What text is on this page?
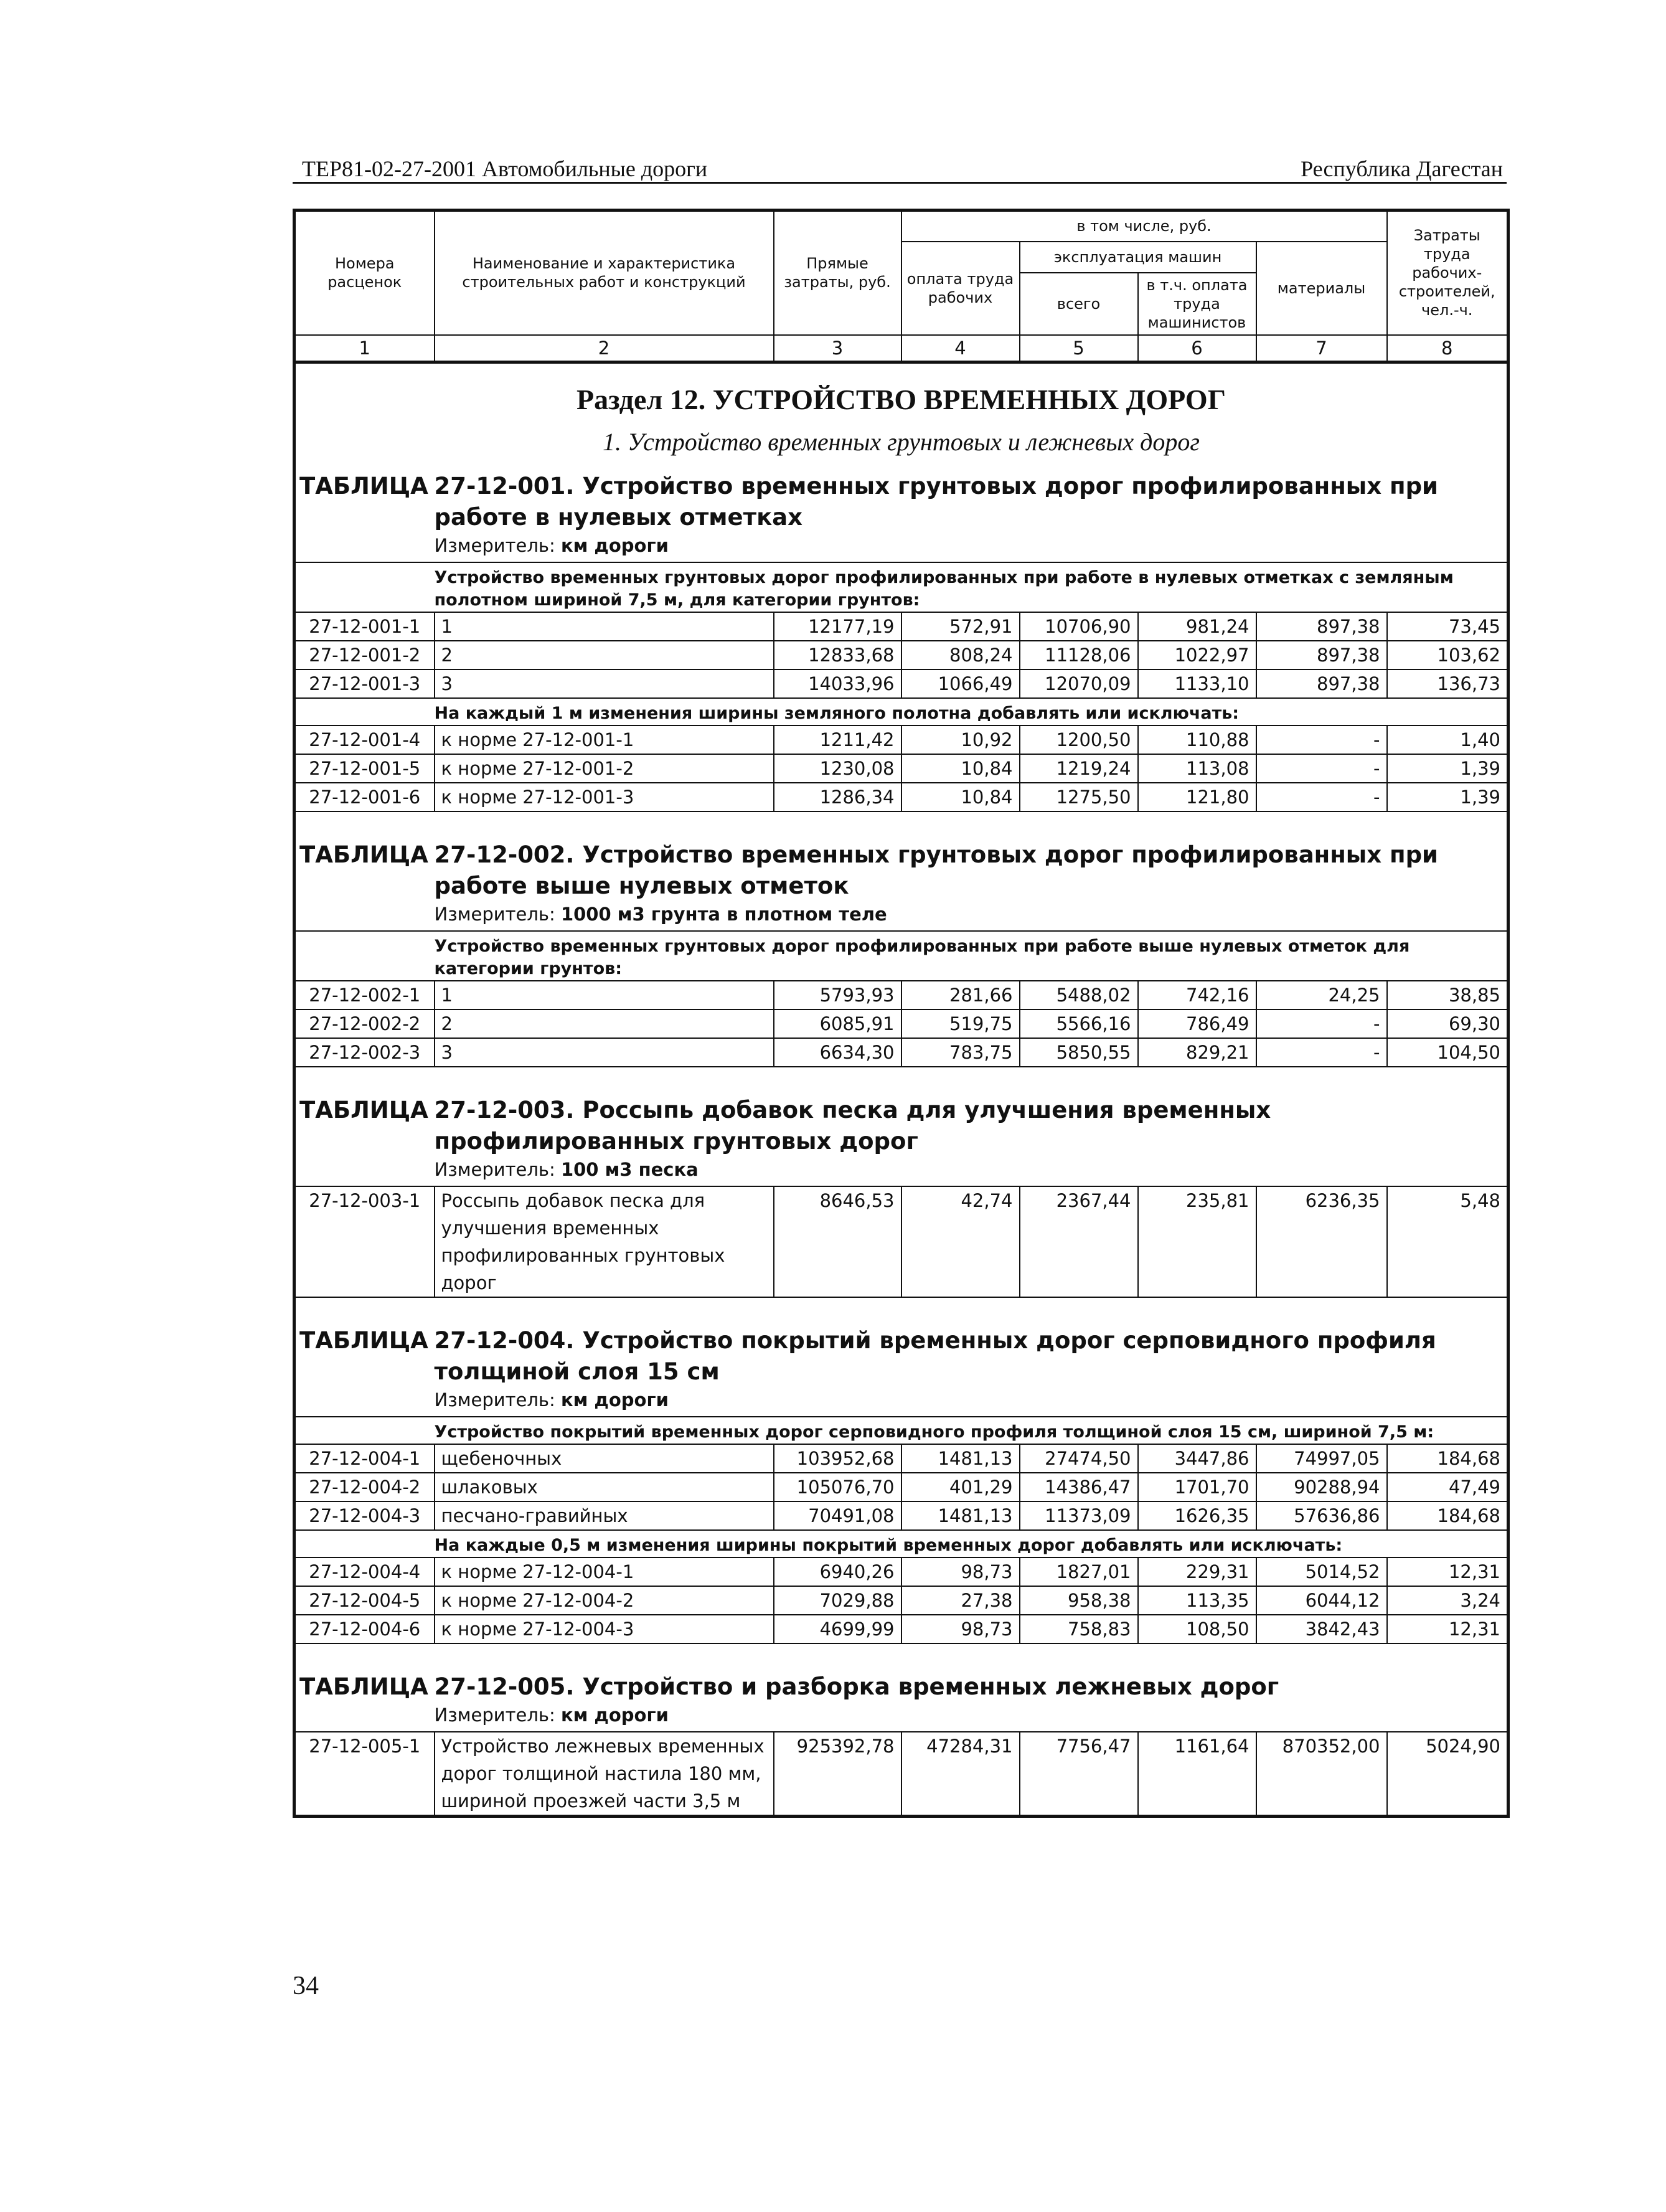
ТЕР81-02-27-2001 Автомобильные дороги	Республика Дагестан
Номера расценок	Наименование и характеристика строительных работ и конструкций	Прямые затраты, руб.	в том числе, руб.				Затраты труда рабочих-строителей, чел.-ч.
			оплата труда рабочих	эксплуатация машин		материалы	
				всего	в т.ч. оплата труда машинистов		
1	2	3	4	5	6	7	8
Раздел 12. УСТРОЙСТВО ВРЕМЕННЫХ ДОРОГ							
1. Устройство временных грунтовых и лежневых дорог							
ТАБЛИЦА	27-12-001. Устройство временных грунтовых дорог профилированных при работе в нулевых отметках						
	Измеритель: км дороги						
	Устройство временных грунтовых дорог профилированных при работе в нулевых отметках с земляным полотном шириной 7,5 м, для категории грунтов:						
27-12-001-1	1	12177,19	572,91	10706,90	981,24	897,38	73,45
27-12-001-2	2	12833,68	808,24	11128,06	1022,97	897,38	103,62
27-12-001-3	3	14033,96	1066,49	12070,09	1133,10	897,38	136,73
	На каждый 1 м изменения ширины земляного полотна добавлять или исключать:						
27-12-001-4	к норме 27-12-001-1	1211,42	10,92	1200,50	110,88	-	1,40
27-12-001-5	к норме 27-12-001-2	1230,08	10,84	1219,24	113,08	-	1,39
27-12-001-6	к норме 27-12-001-3	1286,34	10,84	1275,50	121,80	-	1,39
ТАБЛИЦА	27-12-002. Устройство временных грунтовых дорог профилированных при работе выше нулевых отметок						
	Измеритель: 1000 м3 грунта в плотном теле						
	Устройство временных грунтовых дорог профилированных при работе выше нулевых отметок для категории грунтов:						
27-12-002-1	1	5793,93	281,66	5488,02	742,16	24,25	38,85
27-12-002-2	2	6085,91	519,75	5566,16	786,49	-	69,30
27-12-002-3	3	6634,30	783,75	5850,55	829,21	-	104,50
ТАБЛИЦА	27-12-003. Россыпь добавок песка для улучшения временных профилированных грунтовых дорог						
	Измеритель: 100 м3 песка						
27-12-003-1	Россыпь добавок песка для улучшения временных профилированных грунтовых дорог	8646,53	42,74	2367,44	235,81	6236,35	5,48
ТАБЛИЦА	27-12-004. Устройство покрытий временных дорог серповидного профиля толщиной слоя 15 см						
	Измеритель: км дороги						
	Устройство покрытий временных дорог серповидного профиля толщиной слоя 15 см, шириной 7,5 м:						
27-12-004-1	щебеночных	103952,68	1481,13	27474,50	3447,86	74997,05	184,68
27-12-004-2	шлаковых	105076,70	401,29	14386,47	1701,70	90288,94	47,49
27-12-004-3	песчано-гравийных	70491,08	1481,13	11373,09	1626,35	57636,86	184,68
	На каждые 0,5 м изменения ширины покрытий временных дорог добавлять или исключать:						
27-12-004-4	к норме 27-12-004-1	6940,26	98,73	1827,01	229,31	5014,52	12,31
27-12-004-5	к норме 27-12-004-2	7029,88	27,38	958,38	113,35	6044,12	3,24
27-12-004-6	к норме 27-12-004-3	4699,99	98,73	758,83	108,50	3842,43	12,31
ТАБЛИЦА	27-12-005. Устройство и разборка временных лежневых дорог						
	Измеритель: км дороги						
27-12-005-1	Устройство лежневых временных дорог толщиной настила 180 мм, шириной проезжей части 3,5 м	925392,78	47284,31	7756,47	1161,64	870352,00	5024,90
34
